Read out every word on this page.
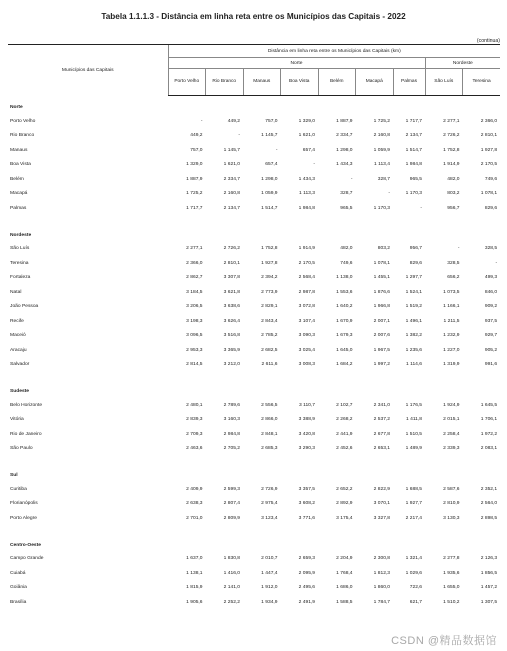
Tabela 1.1.1.3 - Distância em linha reta entre os Municípios das Capitais - 2022
(continua)
Municípios das Capitais	Distância em linha reta entre os Municípios das Capitais (km)								
	Norte							Nordeste	
	Porto Velho	Rio Branco	Manaus	Boa Vista	Belém	Macapá	Palmas	São Luís	Teresina
Norte									
Porto Velho	-	449,2	757,0	1 329,0	1 887,9	1 725,2	1 717,7	2 277,1	2 366,0
Rio Branco	449,2	-	1 145,7	1 621,0	2 334,7	2 160,8	2 134,7	2 726,2	2 810,1
Manaus	757,0	1 145,7	-	657,4	1 298,0	1 059,9	1 514,7	1 752,8	1 927,8
Boa Vista	1 329,0	1 621,0	657,4	-	1 434,3	1 113,4	1 984,8	1 914,9	2 170,5
Belém	1 887,9	2 334,7	1 298,0	1 434,3	-	328,7	965,5	482,0	749,6
Macapá	1 725,2	2 160,8	1 059,9	1 113,3	328,7	-	1 170,3	803,2	1 078,1
Palmas	1 717,7	2 134,7	1 514,7	1 984,8	965,5	1 170,3	-	956,7	829,6

Nordeste									
São Luís	2 277,1	2 726,2	1 752,8	1 914,9	482,0	803,2	956,7	-	328,5
Teresina	2 366,0	2 810,1	1 927,8	2 170,5	749,6	1 078,1	829,6	328,5	-
Fortaleza	2 862,7	3 307,8	2 394,2	2 568,4	1 138,0	1 455,1	1 297,7	656,2	499,3
Natal	3 184,5	3 621,8	2 773,9	2 987,8	1 553,6	1 876,6	1 524,1	1 073,5	846,0
João Pessoa	3 206,5	3 638,6	2 829,1	3 072,8	1 640,2	1 966,8	1 519,2	1 166,1	909,2
Recife	3 198,3	3 626,4	2 843,4	3 107,4	1 670,9	2 007,1	1 496,1	1 211,5	937,5
Maceió	3 096,5	3 516,8	2 785,2	3 090,3	1 679,3	2 007,6	1 382,2	1 232,9	929,7
Aracaju	2 953,3	3 365,9	2 682,5	3 025,4	1 645,0	1 967,5	1 235,6	1 227,0	905,2
Salvador	2 814,5	3 212,0	2 611,6	3 008,3	1 684,2	1 997,2	1 114,6	1 319,9	991,6

Sudeste									
Belo Horizonte	2 480,1	2 789,6	2 556,5	3 110,7	2 102,7	2 341,0	1 176,5	1 924,9	1 645,5
Vitória	2 839,3	3 160,3	2 866,0	3 388,9	2 268,2	2 537,2	1 411,8	2 015,1	1 706,1
Rio de Janeiro	2 709,3	2 984,8	2 848,1	3 420,8	2 441,9	2 677,8	1 510,5	2 258,4	1 972,2
São Paulo	2 463,6	2 705,2	2 685,3	3 290,3	2 452,6	2 653,1	1 489,9	2 339,3	2 083,1

Sul									
Curitiba	2 409,9	2 599,3	2 726,9	3 357,5	2 652,2	2 822,9	1 688,5	2 587,6	2 352,1
Florianópolis	2 638,3	2 807,4	2 975,4	3 608,2	2 892,9	3 070,1	1 927,7	2 810,9	2 564,0
Porto Alegre	2 701,0	2 809,9	3 123,4	3 771,6	3 175,4	3 327,8	2 217,4	3 130,3	2 898,5

Centro-Oeste									
Campo Grande	1 637,0	1 830,8	2 010,7	2 659,3	2 204,9	2 300,8	1 321,4	2 277,8	2 126,3
Cuiabá	1 138,1	1 416,0	1 447,4	2 095,9	1 768,4	1 812,3	1 029,6	1 935,6	1 856,5
Goiânia	1 815,9	2 141,0	1 912,0	2 495,6	1 686,0	1 860,0	722,6	1 655,0	1 457,2
Brasília	1 905,6	2 252,2	1 934,9	2 491,9	1 588,5	1 784,7	621,7	1 510,2	1 307,5
CSDN @精品数据馆
